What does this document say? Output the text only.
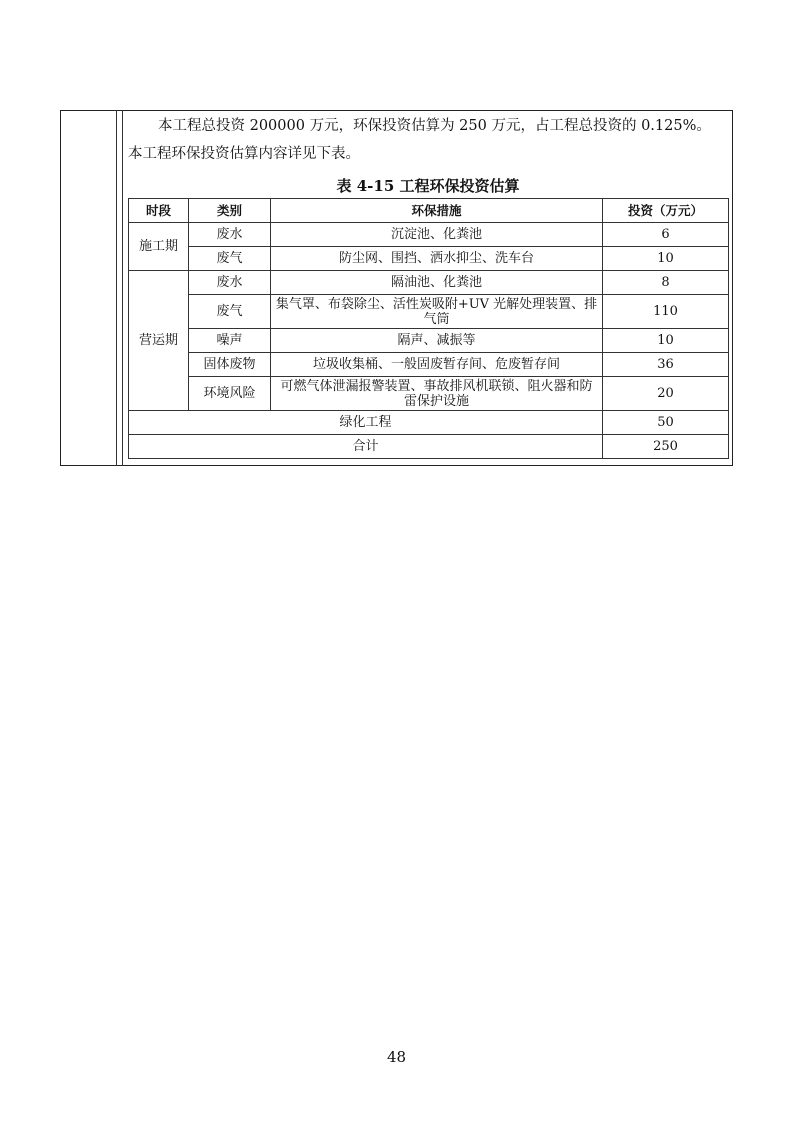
本工程总投资 200000 万元，环保投资估算为 250 万元，占工程总投资的 0.125%。
本工程环保投资估算内容详见下表。
表 4-15 工程环保投资估算
时段	类别	环保措施	投资（万元）
施工期	废水	沉淀池、化粪池	6
	废气	防尘网、围挡、洒水抑尘、洗车台	10
营运期	废水	隔油池、化粪池	8
	废气	集气罩、布袋除尘、活性炭吸附+UV 光解处理装置、排气筒	110
	噪声	隔声、减振等	10
	固体废物	垃圾收集桶、一般固废暂存间、危废暂存间	36
	环境风险	可燃气体泄漏报警装置、事故排风机联锁、阻火器和防雷保护设施	20
绿化工程			50
合计			250
48
